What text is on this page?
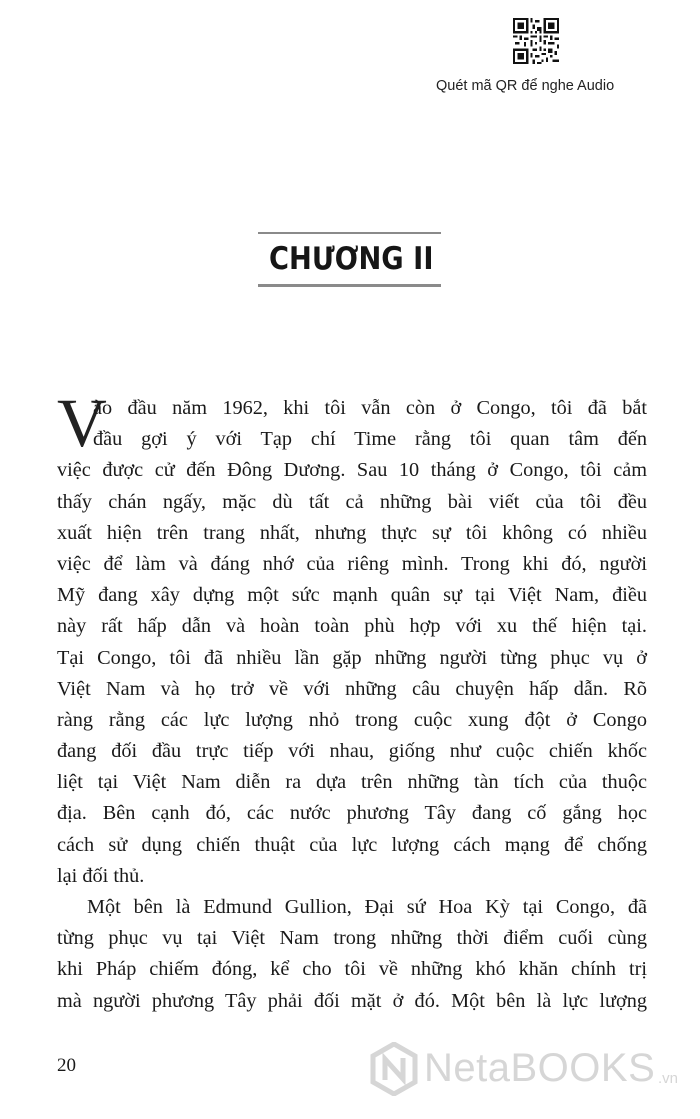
Quét mã QR để nghe Audio
CHƯƠNG II
V
ào đầu năm 1962, khi tôi vẫn còn ở Congo, tôi đã bắt
đầu gợi ý với Tạp chí Time rằng tôi quan tâm đến
việc được cử đến Đông Dương. Sau 10 tháng ở Congo, tôi cảm
thấy chán ngấy, mặc dù tất cả những bài viết của tôi đều
xuất hiện trên trang nhất, nhưng thực sự tôi không có nhiều
việc để làm và đáng nhớ của riêng mình. Trong khi đó, người
Mỹ đang xây dựng một sức mạnh quân sự tại Việt Nam, điều
này rất hấp dẫn và hoàn toàn phù hợp với xu thế hiện tại.
Tại Congo, tôi đã nhiều lần gặp những người từng phục vụ ở
Việt Nam và họ trở về với những câu chuyện hấp dẫn. Rõ
ràng rằng các lực lượng nhỏ trong cuộc xung đột ở Congo
đang đối đầu trực tiếp với nhau, giống như cuộc chiến khốc
liệt tại Việt Nam diễn ra dựa trên những tàn tích của thuộc
địa. Bên cạnh đó, các nước phương Tây đang cố gắng học
cách sử dụng chiến thuật của lực lượng cách mạng để chống
lại đối thủ.
Một bên là Edmund Gullion, Đại sứ Hoa Kỳ tại Congo, đã
từng phục vụ tại Việt Nam trong những thời điểm cuối cùng
khi Pháp chiếm đóng, kể cho tôi về những khó khăn chính trị
mà người phương Tây phải đối mặt ở đó. Một bên là lực lượng
20	NetaBOOKS .vn
